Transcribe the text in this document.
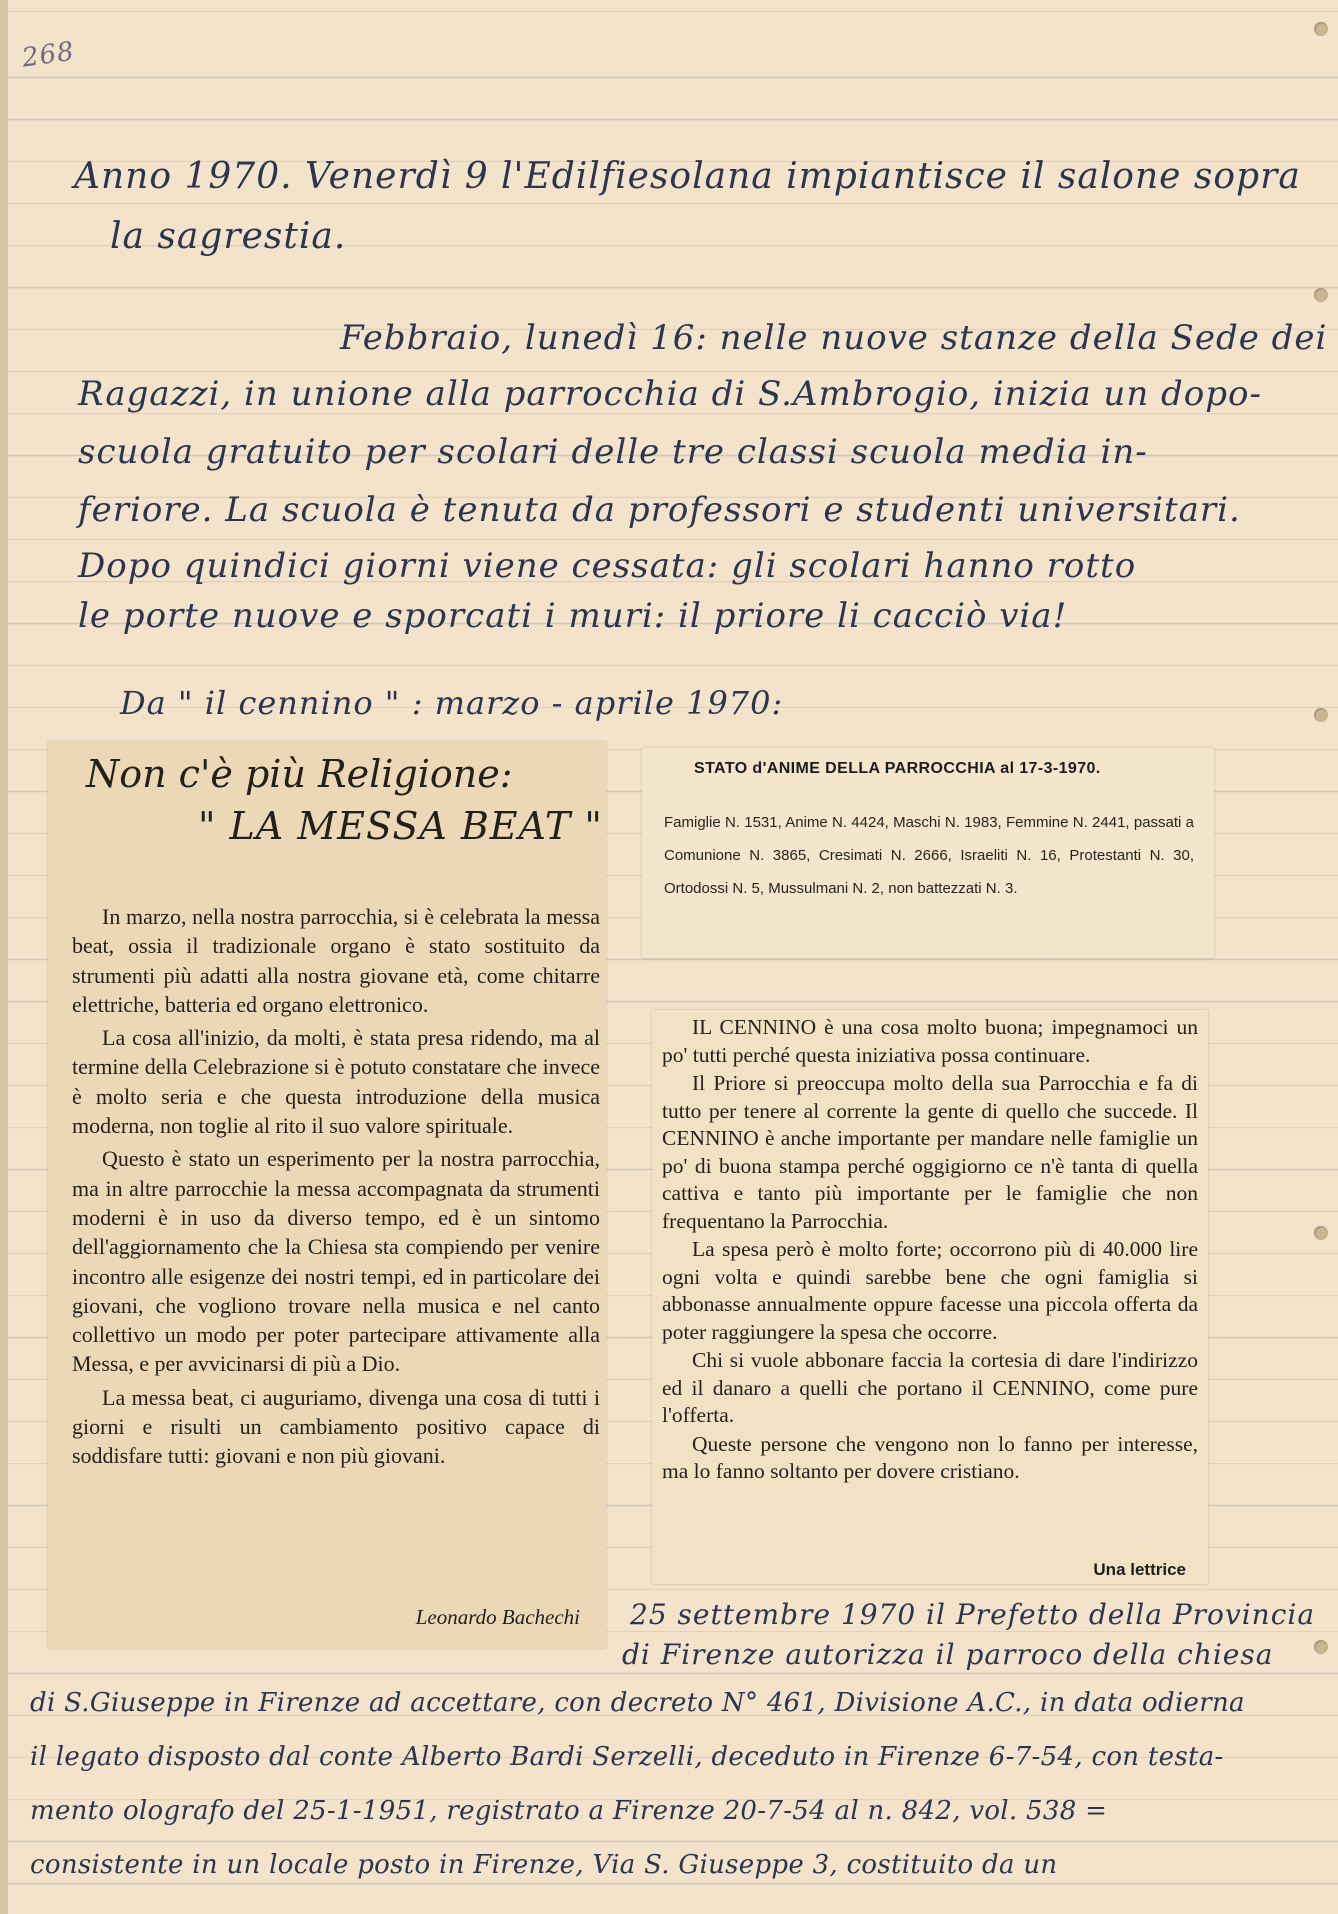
268
Anno 1970. Venerdì 9 l'Edilfiesolana impiantisce il salone sopra
la sagrestia.
Febbraio, lunedì 16: nelle nuove stanze della Sede dei
Ragazzi, in unione alla parrocchia di S.Ambrogio, inizia un dopo-
scuola gratuito per scolari delle tre classi scuola media in-
feriore. La scuola è tenuta da professori e studenti universitari.
Dopo quindici giorni viene cessata: gli scolari hanno rotto
le porte nuove e sporcati i muri: il priore li cacciò via!
Da " il cennino " : marzo - aprile 1970:
Non c'è più Religione:
" LA MESSA BEAT "

In marzo, nella nostra parrocchia, si è celebrata la messa beat, ossia il tradizionale organo è stato sostituito da strumenti più adatti alla nostra giovane età, come chitarre elettriche, batteria ed organo elettronico.

La cosa all'inizio, da molti, è stata presa ridendo, ma al termine della Celebrazione si è potuto constatare che invece è molto seria e che questa introduzione della musica moderna, non toglie al rito il suo valore spirituale.

Questo è stato un esperimento per la nostra parrocchia, ma in altre parrocchie la messa accompagnata da strumenti moderni è in uso da diverso tempo, ed è un sintomo dell'aggiornamento che la Chiesa sta compiendo per venire incontro alle esigenze dei nostri tempi, ed in particolare dei giovani, che vogliono trovare nella musica e nel canto collettivo un modo per poter partecipare attivamente alla Messa, e per avvicinarsi di più a Dio.

La messa beat, ci auguriamo, divenga una cosa di tutti i giorni e risulti un cambiamento positivo capace di soddisfare tutti: giovani e non più giovani.

Leonardo Bachechi
STATO d'ANIME DELLA PARROCCHIA al 17-3-1970.
Famiglie N. 1531, Anime N. 4424, Maschi N. 1983, Femmine N. 2441, passati a Comunione N. 3865, Cresimati N. 2666, Israeliti N. 16, Protestanti N. 30, Ortodossi N. 5, Mussulmani N. 2, non battezzati N. 3.

IL CENNINO è una cosa molto buona; impegnamoci un po' tutti perché questa iniziativa possa continuare.

Il Priore si preoccupa molto della sua Parrocchia e fa di tutto per tenere al corrente la gente di quello che succede. Il CENNINO è anche importante per mandare nelle famiglie un po' di buona stampa perché oggigiorno ce n'è tanta di quella cattiva e tanto più importante per le famiglie che non frequentano la Parrocchia.

La spesa però è molto forte; occorrono più di 40.000 lire ogni volta e quindi sarebbe bene che ogni famiglia si abbonasse annualmente oppure facesse una piccola offerta da poter raggiungere la spesa che occorre.

Chi si vuole abbonare faccia la cortesia di dare l'indirizzo ed il danaro a quelli che portano il CENNINO, come pure l'offerta.

Queste persone che vengono non lo fanno per interesse, ma lo fanno soltanto per dovere cristiano.

Una lettrice
25 settembre 1970 il Prefetto della Provincia
di Firenze autorizza il parroco della chiesa
di S.Giuseppe in Firenze ad accettare, con decreto N° 461, Divisione A.C., in data odierna
il legato disposto dal conte Alberto Bardi Serzelli, deceduto in Firenze 6-7-54, con testa-
mento olografo del 25-1-1951, registrato a Firenze 20-7-54 al n. 842, vol. 538 =
consistente in un locale posto in Firenze, Via S. Giuseppe 3, costituito da un
